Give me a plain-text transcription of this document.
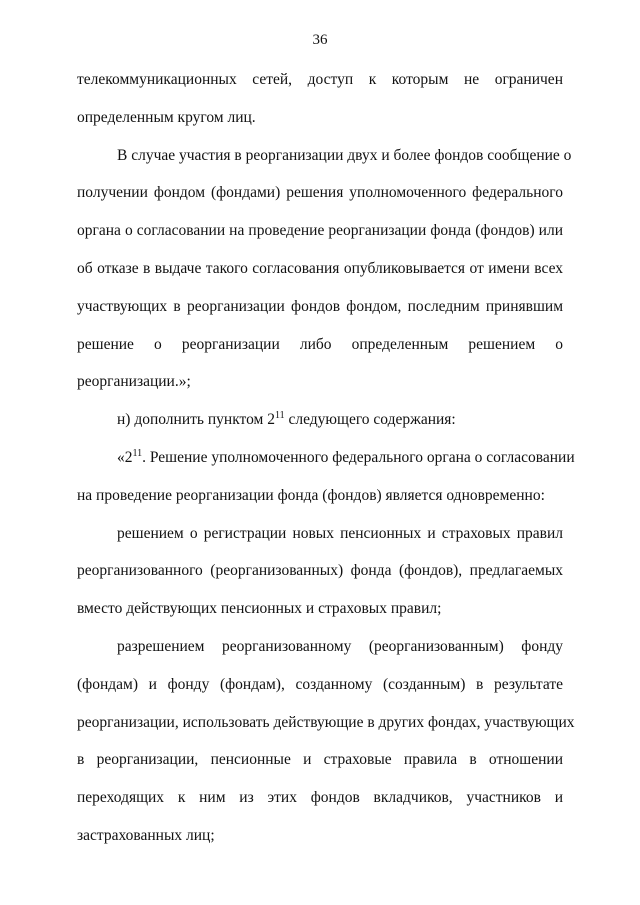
36
телекоммуникационных сетей, доступ к которым не ограничен
определенным кругом лиц.
В случае участия в реорганизации двух и более фондов сообщение о
получении фондом (фондами) решения уполномоченного федерального
органа о согласовании на проведение реорганизации фонда (фондов) или
об отказе в выдаче такого согласования опубликовывается от имени всех
участвующих в реорганизации фондов фондом, последним принявшим
решение о реорганизации либо определенным решением о
реорганизации.»;
н) дополнить пунктом $2^{11}$ следующего содержания:
«$2^{11}$. Решение уполномоченного федерального органа о согласовании
на проведение реорганизации фонда (фондов) является одновременно:
решением о регистрации новых пенсионных и страховых правил
реорганизованного (реорганизованных) фонда (фондов), предлагаемых
вместо действующих пенсионных и страховых правил;
разрешением реорганизованному (реорганизованным) фонду
(фондам) и фонду (фондам), созданному (созданным) в результате
реорганизации, использовать действующие в других фондах, участвующих
в реорганизации, пенсионные и страховые правила в отношении
переходящих к ним из этих фондов вкладчиков, участников и
застрахованных лиц;
